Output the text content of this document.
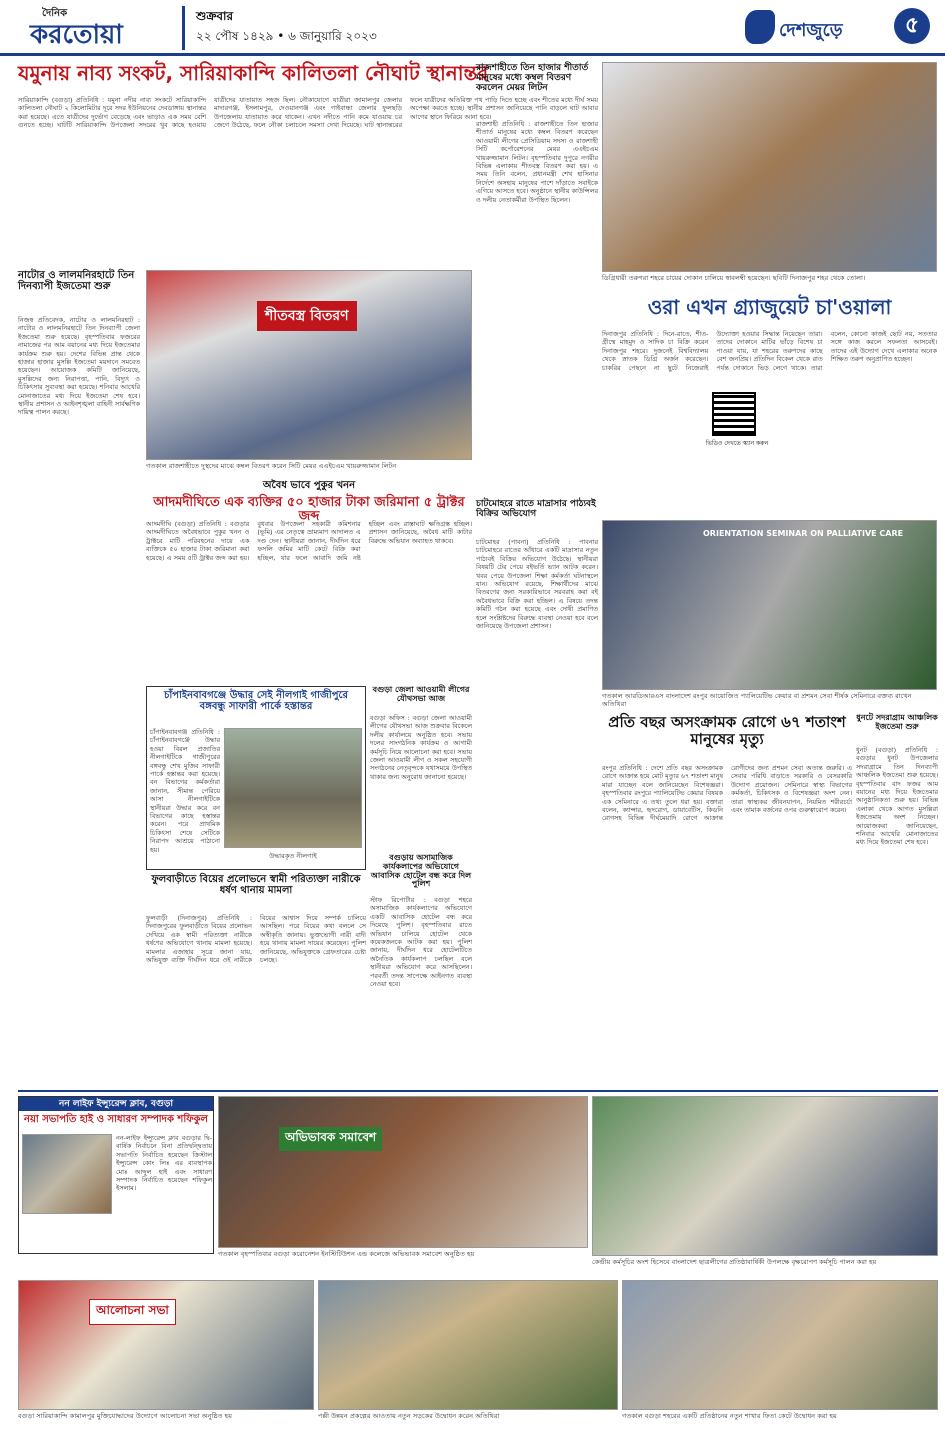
দৈনিক
করতোয়া
শুক্রবার
২২ পৌষ ১৪২৯ • ৬ জানুয়ারি ২০২৩	দেশজুড়ে	৫
যমুনায় নাব্য সংকট, সারিয়াকান্দি কালিতলা নৌঘাট স্থানান্তর
সারিয়াকান্দি (বগুড়া) প্রতিনিধি : যমুনা নদীর নাব্য সংকটে সারিয়াকান্দি কালিতলা নৌঘাট ২ কিলোমিটার দূরে সদর ইউনিয়নের দেবডাঙ্গায় স্থানান্তর করা হয়েছে। এতে যাত্রীদের দুর্ভোগ বেড়েছে এবং ভাড়াও এক সময় বেশি গুনতে হচ্ছে। ঘাটটি সারিয়াকান্দি উপজেলা সদরের খুব কাছে হওয়ায় যাত্রীদের যাতায়াত সহজ ছিল। নৌকাযোগে যাত্রীরা জামালপুর জেলার মাদারগঞ্জ, ইসলামপুর, দেওয়ানগঞ্জ এবং গাইবান্ধা জেলার ফুলছড়ি উপজেলায় যাতায়াত করে থাকেন। এখন নদীতে পানি কমে যাওয়ায় চর জেগে উঠেছে, ফলে নৌকা চলাচলে সমস্যা দেখা দিয়েছে। ঘাট স্থানান্তরের ফলে যাত্রীদের অতিরিক্ত পথ পাড়ি দিতে হচ্ছে এবং শীতের মধ্যে দীর্ঘ সময় অপেক্ষা করতে হচ্ছে। স্থানীয় প্রশাসন জানিয়েছে পানি বাড়লে ঘাট আবার আগের স্থানে ফিরিয়ে আনা হবে।
রাজশাহীতে তিন হাজার শীতার্ত মানুষের মধ্যে কম্বল বিতরণ করলেন মেয়র লিটন
রাজশাহী প্রতিনিধি : রাজশাহীতে তিন হাজার শীতার্ত মানুষের মধ্যে কম্বল বিতরণ করেছেন আওয়ামী লীগের প্রেসিডিয়াম সদস্য ও রাজশাহী সিটি কর্পোরেশনের মেয়র এএইচএম খায়রুজ্জামান লিটন। বৃহস্পতিবার দুপুরে নগরীর বিভিন্ন এলাকায় শীতবস্ত্র বিতরণ করা হয়। এ সময় তিনি বলেন, প্রধানমন্ত্রী শেখ হাসিনার নির্দেশে অসহায় মানুষের পাশে দাঁড়াতে সবাইকে এগিয়ে আসতে হবে। অনুষ্ঠানে স্থানীয় কাউন্সিলর ও দলীয় নেতাকর্মীরা উপস্থিত ছিলেন।
ডিগ্রিধারী তরুণরা শহরে চায়ের দোকান চালিয়ে স্বাবলম্বী হয়েছেন। ছবিটি দিনাজপুর শহর থেকে তোলা।
ওরা এখন গ্র্যাজুয়েট চা'ওয়ালা
দিনাজপুর প্রতিনিধি : দিনে-রাতে, শীত-গ্রীষ্মে মাহমুদ ও সাদিক চা বিক্রি করেন দিনাজপুর শহরে। দুজনেই বিশ্ববিদ্যালয় থেকে স্নাতক ডিগ্রি অর্জন করেছেন। চাকরির পেছনে না ছুটে নিজেরাই উদ্যোক্তা হওয়ার সিদ্ধান্ত নিয়েছেন তারা। তাদের দোকানে মাটির ভাঁড়ে বিশেষ চা পাওয়া যায়, যা শহরের তরুণদের কাছে বেশ জনপ্রিয়। প্রতিদিন বিকেল থেকে রাত পর্যন্ত দোকানে ভিড় লেগে থাকে। তারা বলেন, কোনো কাজই ছোট নয়, সততার সঙ্গে কাজ করলে সফলতা আসবেই। তাদের এই উদ্যোগ দেখে এলাকার অনেক শিক্ষিত তরুণ অনুপ্রাণিত হচ্ছেন।
ভিডিও দেখতে স্ক্যান করুন
নাটোর ও লালমনিরহাটে তিন দিনব্যাপী ইজতেমা শুরু
নিজস্ব প্রতিবেদক, নাটোর ও লালমনিরহাট : নাটোর ও লালমনিরহাটে তিন দিনব্যাপী জেলা ইজতেমা শুরু হয়েছে। বৃহস্পতিবার ফজরের নামাজের পর আম বয়ানের মধ্য দিয়ে ইজতেমার কার্যক্রম শুরু হয়। দেশের বিভিন্ন প্রান্ত থেকে হাজার হাজার মুসল্লি ইজতেমা ময়দানে সমবেত হয়েছেন। আয়োজক কমিটি জানিয়েছে, মুসল্লিদের জন্য নিরাপত্তা, পানি, বিদ্যুৎ ও চিকিৎসার সুব্যবস্থা করা হয়েছে। শনিবার আখেরি মোনাজাতের মধ্য দিয়ে ইজতেমা শেষ হবে। স্থানীয় প্রশাসন ও আইনশৃঙ্খলা বাহিনী সার্বক্ষণিক দায়িত্ব পালন করছে।
শীতবস্ত্র বিতরণ
গতকাল রাজশাহীতে দুস্থদের মাঝে কম্বল বিতরণ করেন সিটি মেয়র এএইচএম খায়রুজ্জামান লিটন
অবৈধ ভাবে পুকুর খনন
আদমদীঘিতে এক ব্যক্তির ৫০ হাজার টাকা জরিমানা ৫ ট্রাক্টর জব্দ
আদমদীঘি (বগুড়া) প্রতিনিধি : বগুড়ার আদমদীঘিতে অবৈধভাবে পুকুর খনন ও ট্রাক্টরে মাটি পরিবহনের দায়ে এক ব্যক্তিকে ৫০ হাজার টাকা জরিমানা করা হয়েছে। এ সময় ৫টি ট্রাক্টর জব্দ করা হয়। বুধবার উপজেলা সহকারী কমিশনার (ভূমি) এর নেতৃত্বে ভ্রাম্যমাণ আদালত এ দণ্ড দেন। স্থানীয়রা জানান, দীর্ঘদিন ধরে ফসলি জমির মাটি কেটে বিক্রি করা হচ্ছিল, যার ফলে আবাদি জমি নষ্ট হচ্ছিল এবং রাস্তাঘাট ক্ষতিগ্রস্ত হচ্ছিল। প্রশাসন জানিয়েছে, অবৈধ মাটি কাটার বিরুদ্ধে অভিযান অব্যাহত থাকবে।
চাটমোহরে রাতে মাদ্রাসার পাঠ্যবই বিক্রির অভিযোগ
চাটমোহর (পাবনা) প্রতিনিধি : পাবনার চাটমোহরে রাতের আঁধারে একটি মাদ্রাসার নতুন পাঠ্যবই বিক্রির অভিযোগ উঠেছে। স্থানীয়রা বিষয়টি টের পেয়ে বইভর্তি ভ্যান আটক করেন। খবর পেয়ে উপজেলা শিক্ষা কর্মকর্তা ঘটনাস্থলে যান। অভিযোগ রয়েছে, শিক্ষার্থীদের মাঝে বিতরণের জন্য সরকারিভাবে সরবরাহ করা বই অবৈধভাবে বিক্রি করা হচ্ছিল। এ বিষয়ে তদন্ত কমিটি গঠন করা হয়েছে এবং দোষী প্রমাণিত হলে সংশ্লিষ্টদের বিরুদ্ধে ব্যবস্থা নেওয়া হবে বলে জানিয়েছে উপজেলা প্রশাসন।
ORIENTATION SEMINAR ON PALLIATIVE CARE
গতকাল আরডিআরএস বাংলাদেশ রংপুর আয়োজিত প্যালিয়েটিভ কেয়ার বা প্রশমন সেবা শীর্ষক সেমিনারে বক্তব্য রাখেন অতিথিরা
চাঁপাইনবাবগঞ্জে উদ্ধার সেই নীলগাই গাজীপুরে বঙ্গবন্ধু সাফারী পার্কে হস্তান্তর
চাঁপাইনবাবগঞ্জ প্রতিনিধি : চাঁপাইনবাবগঞ্জে উদ্ধার হওয়া বিরল প্রজাতির নীলগাইটিকে গাজীপুরের বঙ্গবন্ধু শেখ মুজিব সাফারী পার্কে হস্তান্তর করা হয়েছে। বন বিভাগের কর্মকর্তারা জানান, সীমান্ত পেরিয়ে আসা নীলগাইটিকে স্থানীয়রা উদ্ধার করে বন বিভাগের কাছে হস্তান্তর করেন। পরে প্রাথমিক চিকিৎসা শেষে সেটিকে নিরাপদ আশ্রয়ে পাঠানো হয়।
উদ্ধারকৃত নীলগাই
বগুড়া জেলা আওয়ামী লীগের যৌথসভা আজ
বগুড়া অফিস : বগুড়া জেলা আওয়ামী লীগের যৌথসভা আজ শুক্রবার বিকেলে দলীয় কার্যালয়ে অনুষ্ঠিত হবে। সভায় দলের সাংগঠনিক কার্যক্রম ও আগামী কর্মসূচি নিয়ে আলোচনা করা হবে। সভায় জেলা আওয়ামী লীগ ও সকল সহযোগী সংগঠনের নেতৃবৃন্দকে যথাসময়ে উপস্থিত থাকার জন্য অনুরোধ জানানো হয়েছে।
বগুড়ায় অসামাজিক কার্যকলাপের অভিযোগে আবাসিক হোটেল বন্ধ করে দিল পুলিশ
স্টাফ রিপোর্টার : বগুড়া শহরে অসামাজিক কার্যকলাপের অভিযোগে একটি আবাসিক হোটেল বন্ধ করে দিয়েছে পুলিশ। বৃহস্পতিবার রাতে অভিযান চালিয়ে হোটেল থেকে কয়েকজনকে আটক করা হয়। পুলিশ জানায়, দীর্ঘদিন ধরে হোটেলটিতে অনৈতিক কার্যকলাপ চলছিল বলে স্থানীয়রা অভিযোগ করে আসছিলেন। পরবর্তী তদন্ত সাপেক্ষে আইনগত ব্যবস্থা নেওয়া হবে।
ফুলবাড়ীতে বিয়ের প্রলোভনে স্বামী পরিত্যক্তা নারীকে ধর্ষণ থানায় মামলা
ফুলবাড়ী (দিনাজপুর) প্রতিনিধি : দিনাজপুরের ফুলবাড়ীতে বিয়ের প্রলোভন দেখিয়ে এক স্বামী পরিত্যক্তা নারীকে ধর্ষণের অভিযোগে থানায় মামলা হয়েছে। মামলার এজাহার সূত্রে জানা যায়, অভিযুক্ত ব্যক্তি দীর্ঘদিন ধরে ওই নারীকে বিয়ের আশ্বাস দিয়ে সম্পর্ক চালিয়ে আসছিল। পরে বিয়ের কথা বললে সে অস্বীকৃতি জানায়। ভুক্তভোগী নারী বাদী হয়ে থানায় মামলা দায়ের করেছেন। পুলিশ জানিয়েছে, অভিযুক্তকে গ্রেফতারের চেষ্টা চলছে।
প্রতি বছর অসংক্রামক রোগে ৬৭ শতাংশ মানুষের মৃত্যু
রংপুর প্রতিনিধি : দেশে প্রতি বছর অসংক্রামক রোগে আক্রান্ত হয়ে মোট মৃত্যুর ৬৭ শতাংশ মানুষ মারা যাচ্ছেন বলে জানিয়েছেন বিশেষজ্ঞরা। বৃহস্পতিবার রংপুরে প্যালিয়েটিভ কেয়ার বিষয়ক এক সেমিনারে এ তথ্য তুলে ধরা হয়। বক্তারা বলেন, ক্যান্সার, হৃদরোগ, ডায়াবেটিস, কিডনি রোগসহ বিভিন্ন দীর্ঘমেয়াদি রোগে আক্রান্ত রোগীদের জন্য প্রশমন সেবা অত্যন্ত জরুরি। এ সেবার পরিধি বাড়াতে সরকারি ও বেসরকারি উদ্যোগ প্রয়োজন। সেমিনারে স্বাস্থ্য বিভাগের কর্মকর্তা, চিকিৎসক ও বিশেষজ্ঞরা অংশ নেন। তারা স্বাস্থ্যকর জীবনযাপন, নিয়মিত শরীরচর্চা এবং তামাক বর্জনের ওপর গুরুত্বারোপ করেন।
ধুনটে সদরাগ্রাম আঞ্চলিক ইজতেমা শুরু
ধুনট (বগুড়া) প্রতিনিধি : বগুড়ার ধুনট উপজেলার সদরাগ্রামে তিন দিনব্যাপী আঞ্চলিক ইজতেমা শুরু হয়েছে। বৃহস্পতিবার বাদ ফজর আম বয়ানের মধ্য দিয়ে ইজতেমার আনুষ্ঠানিকতা শুরু হয়। বিভিন্ন এলাকা থেকে আগত মুসল্লিরা ইজতেমায় অংশ নিচ্ছেন। আয়োজকরা জানিয়েছেন, শনিবার আখেরি মোনাজাতের মধ্য দিয়ে ইজতেমা শেষ হবে।
নন লাইফ ইন্স্যুরেন্স ক্লাব, বগুড়া
নয়া সভাপতি হাই ও সাধারণ সম্পাদক শফিকুল
নন-লাইফ ইন্স্যুরেন্স ক্লাব বগুড়ার দ্বি-বার্ষিক নির্বাচনে বিনা প্রতিদ্বন্দ্বিতায় সভাপতি নির্বাচিত হয়েছেন ক্রিস্টাল ইন্স্যুরেন্স কোং লিঃ এর ব্যবস্থাপক মোঃ আব্দুল হাই এবং সাধারণ সম্পাদক নির্বাচিত হয়েছেন শফিকুল ইসলাম।
অভিভাবক সমাবেশ
গতকাল বৃহস্পতিবার বগুড়া করোনেশন ইনস্টিটিউশন এন্ড কলেজে অভিভাবক সমাবেশ অনুষ্ঠিত হয়
কেন্দ্রীয় কর্মসূচির অংশ হিসেবে বাংলাদেশ ছাত্রলীগের প্রতিষ্ঠাবার্ষিকী উপলক্ষে বৃক্ষরোপণ কর্মসূচি পালন করা হয়
আলোচনা সভা
বগুড়া সারিয়াকান্দি কামালপুর মুক্তিযোদ্ধাদের উদ্যোগে আলোচনা সভা অনুষ্ঠিত হয়	পল্লী উন্নয়ন প্রকল্পের আওতায় নতুন সড়কের উদ্বোধন করেন অতিথিরা	গতকাল বগুড়া শহরের একটি প্রতিষ্ঠানের নতুন শাখার ফিতা কেটে উদ্বোধন করা হয়
